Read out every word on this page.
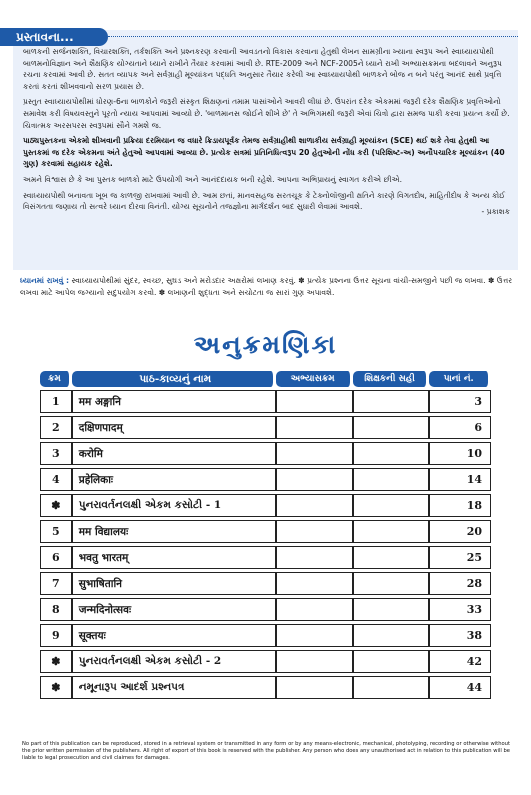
પ્રસ્તાવના...

બાળકની સર્જનશક્તિ, વિચારશક્તિ, તર્કશક્તિ અને પ્રશ્નકરણ કરવાની આવડતનો વિકાસ કરવાના હેતુથી લેખન સામગ્રીના ખ્યાના સ્વરૂપ અને સ્વાધ્યાયપોથી બાળમનોવિજ્ઞાન અને શૈક્ષણિક યોગ્યતાને ધ્યાને રાખીને તૈયાર કરવામાં આવી છે. RTE-2009 અને NCF-2005ને ધ્યાને રાખી અભ્યાસક્રમના બદલાવને અનુરૂપ રચના કરવામાં આવી છે. સતત વ્યાપક અને સર્વગ્રાહી મૂલ્યાંકન પદ્ધતિ અનુસાર તૈયાર કરેલી આ સ્વાધ્યાયપોથી બાળકને બોજ ન બને પરંતુ આનંદ સાથે પ્રવૃત્તિ કરતાં કરતાં શીખવવાનો સરળ પ્રયાસ છે.

પ્રસ્તુત સ્વાધ્યાયપોથીમાં ધોરણ-6ના બાળકોને જરૂરી સંસ્કૃત શિક્ષણનાં તમામ પાસાંઓને આવરી લીધાં છે. ઉપરાંત દરેક એકમમાં જરૂરી દરેક શૈક્ષણિક પ્રવૃત્તિઓનો સમાવેશ કરી વિષયવસ્તુને પૂરતો ન્યાય આપવામાં આવ્યો છે. 'બાળમાનસ જોઈને શીખે છે' તે અભિગમથી જરૂરી એવાં ચિત્રો દ્વારા સમજ પાકી કરવા પ્રયત્ન કર્યો છે. ચિત્રાત્મક અરસપરસ સ્વરૂપમાં સૌને ગમશે જ.

પાઠ્યપુસ્તકના એકમો શીખવાની પ્રક્રિયા દરમિયાન જ વધારે ક્રિડાયપૂર્વક તેમજ સર્વગ્રાહીથી શાળાકીય સર્વગ્રાહી મૂલ્યાંકન (SCE) થઈ શકે તેવા હેતુથી આ પુસ્તકમાં જ દરેક એકમના અંતે હેતુઓ આપવામાં આવ્યા છે. પ્રત્યેક સત્રમાં પ્રતિનિધિત્વરૂપ 20 હેતુઓની નોંધ કરી (પરિશિષ્ટ-અ) અનૌપચારિક મૂલ્યાંકન (40 ગુણ) કરવામાં સહાયક રહેશે.

અમને વિશ્વાસ છે કે આ પુસ્તક બાળકો માટે ઉપયોગી અને આનંદદાયક બની રહેશે. આપના અભિપ્રાયનું સ્વાગત કરીએ છીએ.

સ્વાધ્યાયપોથી બનાવતા ખૂબ જ કાળજી રાખવામાં આવી છે. આમ છતાં, માનવસહજ સરતચૂક કે ટેક્નોલૉજીની ક્ષતિને કારણે વિગતદોષ, માહિતીદોષ કે અન્ય કોઈ વિસંગતતા જણાય તો સત્વરે ધ્યાન દોરવા વિનંતી. યોગ્ય સૂચનોને તજજ્ઞોના માર્ગદર્શન બાદ સુધારી લેવામાં આવશે.

- પ્રકાશક
ધ્યાનમાં રાખવું : સ્વાધ્યાયપોથીમાં સુંદર, સ્વચ્છ, સુઘડ અને મરોડદાર અક્ષરોમાં લખાણ કરવું. ✽ પ્રત્યેક પ્રશ્નના ઉત્તર સૂચના વાંચી-સમજીને પછી જ લખવા. ✽ ઉત્તર લખવા માટે આપેલ જગ્યાનો સદુપયોગ કરવો. ✽ લખાણની શુદ્ધતા અને સચોટતા જ સારાં ગુણ અપાવશે.
અનુક્રમણિકા
ક્રમ	પાઠ-કાવ્યનું નામ	અભ્યાસક્રમ	શિક્ષકની સહી	પાનાં નં.
1	मम अङ्गानि			3
2	दक्षिणपादम्			6
3	करोमि			10
4	प्रहेलिकाः			14
✽	પુનરાવર્તનલક્ષી એકમ કસોટી - 1			18
5	मम विद्यालयः			20
6	भवतु भारतम्			25
7	सुभाषितानि			28
8	जन्मदिनोत्सवः			33
9	सूक्तयः			38
✽	પુનરાવર્તનલક્ષી એકમ કસોટી - 2			42
✽	નમૂનારૂપ આદર્શ પ્રશ્નપત્ર			44
No part of this publication can be reproduced, stored in a retrieval system or transmitted in any form or by any means-electronic, mechanical, photolyping, recording or otherwise without the prior written permission of the publishers. All right of export of this book is reserved with the publisher. Any person who does any unauthorised act in relation to this publication will be liable to legal prosecution and civil claimes for damages.
